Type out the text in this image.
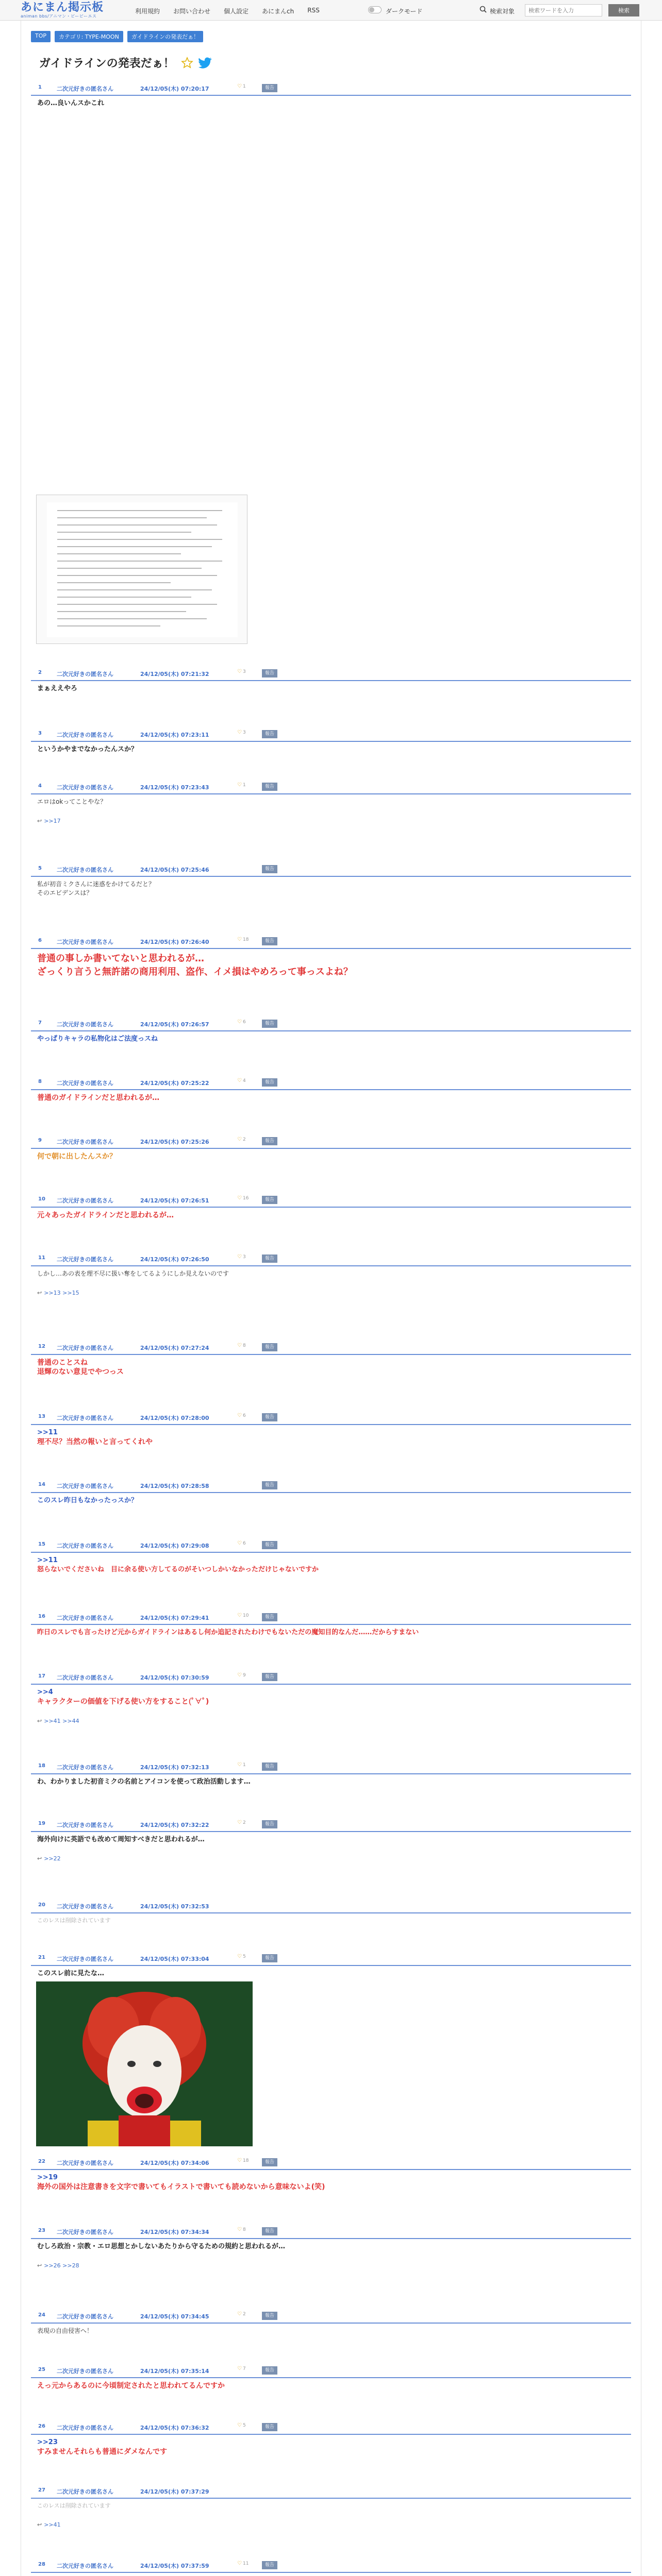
あにまん掲示板
animan bbs/アニマン・ビービーエス
利用規約 お問い合わせ 個人設定 あにまんch RSS	ダークモード	検索対象
検索ワードを入力	検索
TOP	カテゴリ: TYPE-MOON	ガイドラインの発表だぁ！
ガイドラインの発表だぁ！
1	二次元好きの匿名さん	24/12/05(木) 07:20:17	♡ 1	報告
あの…良いんスかこれ
2	二次元好きの匿名さん	24/12/05(木) 07:21:32	♡ 3	報告
まぁええやろ
3	二次元好きの匿名さん	24/12/05(木) 07:23:11	♡ 3	報告
というかやまでなかったんスか？
4	二次元好きの匿名さん	24/12/05(木) 07:23:43	♡ 1	報告
エロはokってことやな？
↩ >>17
5	二次元好きの匿名さん	24/12/05(木) 07:25:46	報告
私が初音ミクさんに迷惑をかけてるだと？
そのエビデンスは？
6	二次元好きの匿名さん	24/12/05(木) 07:26:40	♡ 18	報告
普通の事しか書いてないと思われるが…
ざっくり言うと無許諾の商用利用、盗作、イメ損はやめろって事っスよね？
7	二次元好きの匿名さん	24/12/05(木) 07:26:57	♡ 6	報告
やっぱりキャラの私物化はご法度っスね
8	二次元好きの匿名さん	24/12/05(木) 07:25:22	♡ 4	報告
普通のガイドラインだと思われるが…
9	二次元好きの匿名さん	24/12/05(木) 07:25:26	♡ 2	報告
何で朝に出したんスか？
10 二次元好きの匿名さん	24/12/05(木) 07:26:51	♡ 16	報告
元々あったガイドラインだと思われるが…
11 二次元好きの匿名さん	24/12/05(木) 07:26:50	♡ 3	報告
しかし…あの表を理不尽に扱い奪をしてるようにしか見えないのです
↩ >>13 >>15
12 二次元好きの匿名さん	24/12/05(木) 07:27:24	♡ 8	報告
普通のことスね
退輝のない意見でやつっス
13 二次元好きの匿名さん	24/12/05(木) 07:28:00	♡ 6	報告
>>11
理不尽？当然の報いと言ってくれや
14 二次元好きの匿名さん	24/12/05(木) 07:28:58	報告
このスレ昨日もなかったっスか？
15 二次元好きの匿名さん	24/12/05(木) 07:29:08	♡ 6	報告
>>11
怒らないでくださいね　目に余る使い方してるのがそいつしかいなかっただけじゃないですか
16 二次元好きの匿名さん	24/12/05(木) 07:29:41	♡ 10	報告
昨日のスレでも言ったけど元からガイドラインはあるし何か追記されたわけでもないただの魔知目的なんだ……だからすまない
17 二次元好きの匿名さん	24/12/05(木) 07:30:59	♡ 9	報告
>>4
キャラクターの価値を下げる使い方をすること(ﾟ∀ﾟ)
↩ >>41 >>44
18 二次元好きの匿名さん	24/12/05(木) 07:32:13	♡ 1	報告
わ、わかりました初音ミクの名前とアイコンを使って政治活動します…
19 二次元好きの匿名さん	24/12/05(木) 07:32:22	♡ 2	報告
海外向けに英語でも改めて周知すべきだと思われるが…
↩ >>22
20 二次元好きの匿名さん	24/12/05(木) 07:32:53
このレスは削除されています
21 二次元好きの匿名さん	24/12/05(木) 07:33:04	♡ 5	報告
このスレ前に見たな…
22 二次元好きの匿名さん	24/12/05(木) 07:34:06	♡ 18	報告
>>19
海外の国外は注意書きを文字で書いてもイラストで書いても読めないから意味ないよ(笑)
23 二次元好きの匿名さん	24/12/05(木) 07:34:34	♡ 8	報告
むしろ政治・宗教・エロ思想とかしないあたりから守るための規約と思われるが…
↩ >>26 >>28
24 二次元好きの匿名さん	24/12/05(木) 07:34:45	♡ 2	報告
表現の自由侵害へ！
25 二次元好きの匿名さん	24/12/05(木) 07:35:14	♡ 7	報告
えっ元からあるのに今頃制定されたと思われてるんですか
26 二次元好きの匿名さん	24/12/05(木) 07:36:32	♡ 5	報告
>>23
すみませんそれらも普通にダメなんです
27 二次元好きの匿名さん	24/12/05(木) 07:37:29
このレスは削除されています
↩ >>41
28 二次元好きの匿名さん	24/12/05(木) 07:37:59	♡ 11	報告
